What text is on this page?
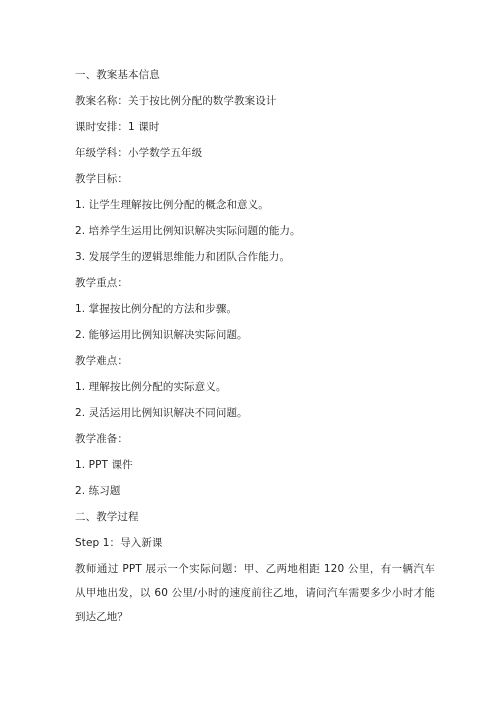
一、教案基本信息
教案名称：关于按比例分配的数学教案设计
课时安排：1 课时
年级学科：小学数学五年级
教学目标：
1. 让学生理解按比例分配的概念和意义。
2. 培养学生运用比例知识解决实际问题的能力。
3. 发展学生的逻辑思维能力和团队合作能力。
教学重点：
1. 掌握按比例分配的方法和步骤。
2. 能够运用比例知识解决实际问题。
教学难点：
1. 理解按比例分配的实际意义。
2. 灵活运用比例知识解决不同问题。
教学准备：
1. PPT 课件
2. 练习题
二、教学过程
Step 1：导入新课
教师通过 PPT 展示一个实际问题：甲、乙两地相距 120 公里，有一辆汽车从甲地出发，以 60 公里/小时的速度前往乙地，请问汽车需要多少小时才能到达乙地？
